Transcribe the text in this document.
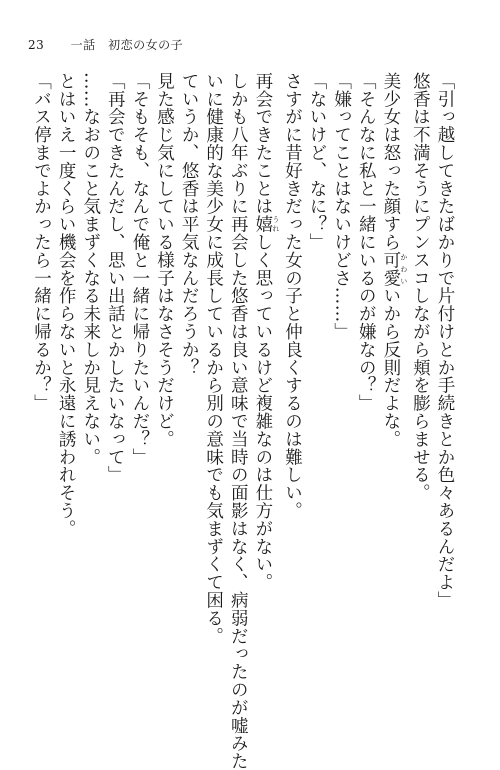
23 一話　初恋の女の子
「引っ越してきたばかりで片付けとか手続きとか色々あるんだよ」
悠香は不満そうにプンスコしながら頬を膨らませる。
美少女は怒った顔すら可愛 かわいいから反則だよな。
「そんなに私と一緒にいるのが嫌なの？」
「嫌ってことはないけどさ……」
「ないけど、なに？」
さすがに昔好きだった女の子と仲良くするのは難しい。
再会できたことは嬉 うれしく思っているけど複雑なのは仕方がない。
しかも八年ぶりに再会した悠香は良い意味で当時の面影はなく、病弱だったのが嘘みた
いに健康的な美少女に成長しているから別の意味でも気まずくて困る。
ていうか、悠香は平気なんだろうか？
見た感じ気にしている様子はなさそうだけど。
「そもそも、なんで俺と一緒に帰りたいんだ？」
「再会できたんだし、思い出話とかしたいなって」
……なおのこと気まずくなる未来しか見えない。
とはいえ一度くらい機会を作らないと永遠に誘われそう。
「バス停までよかったら一緒に帰るか？」
